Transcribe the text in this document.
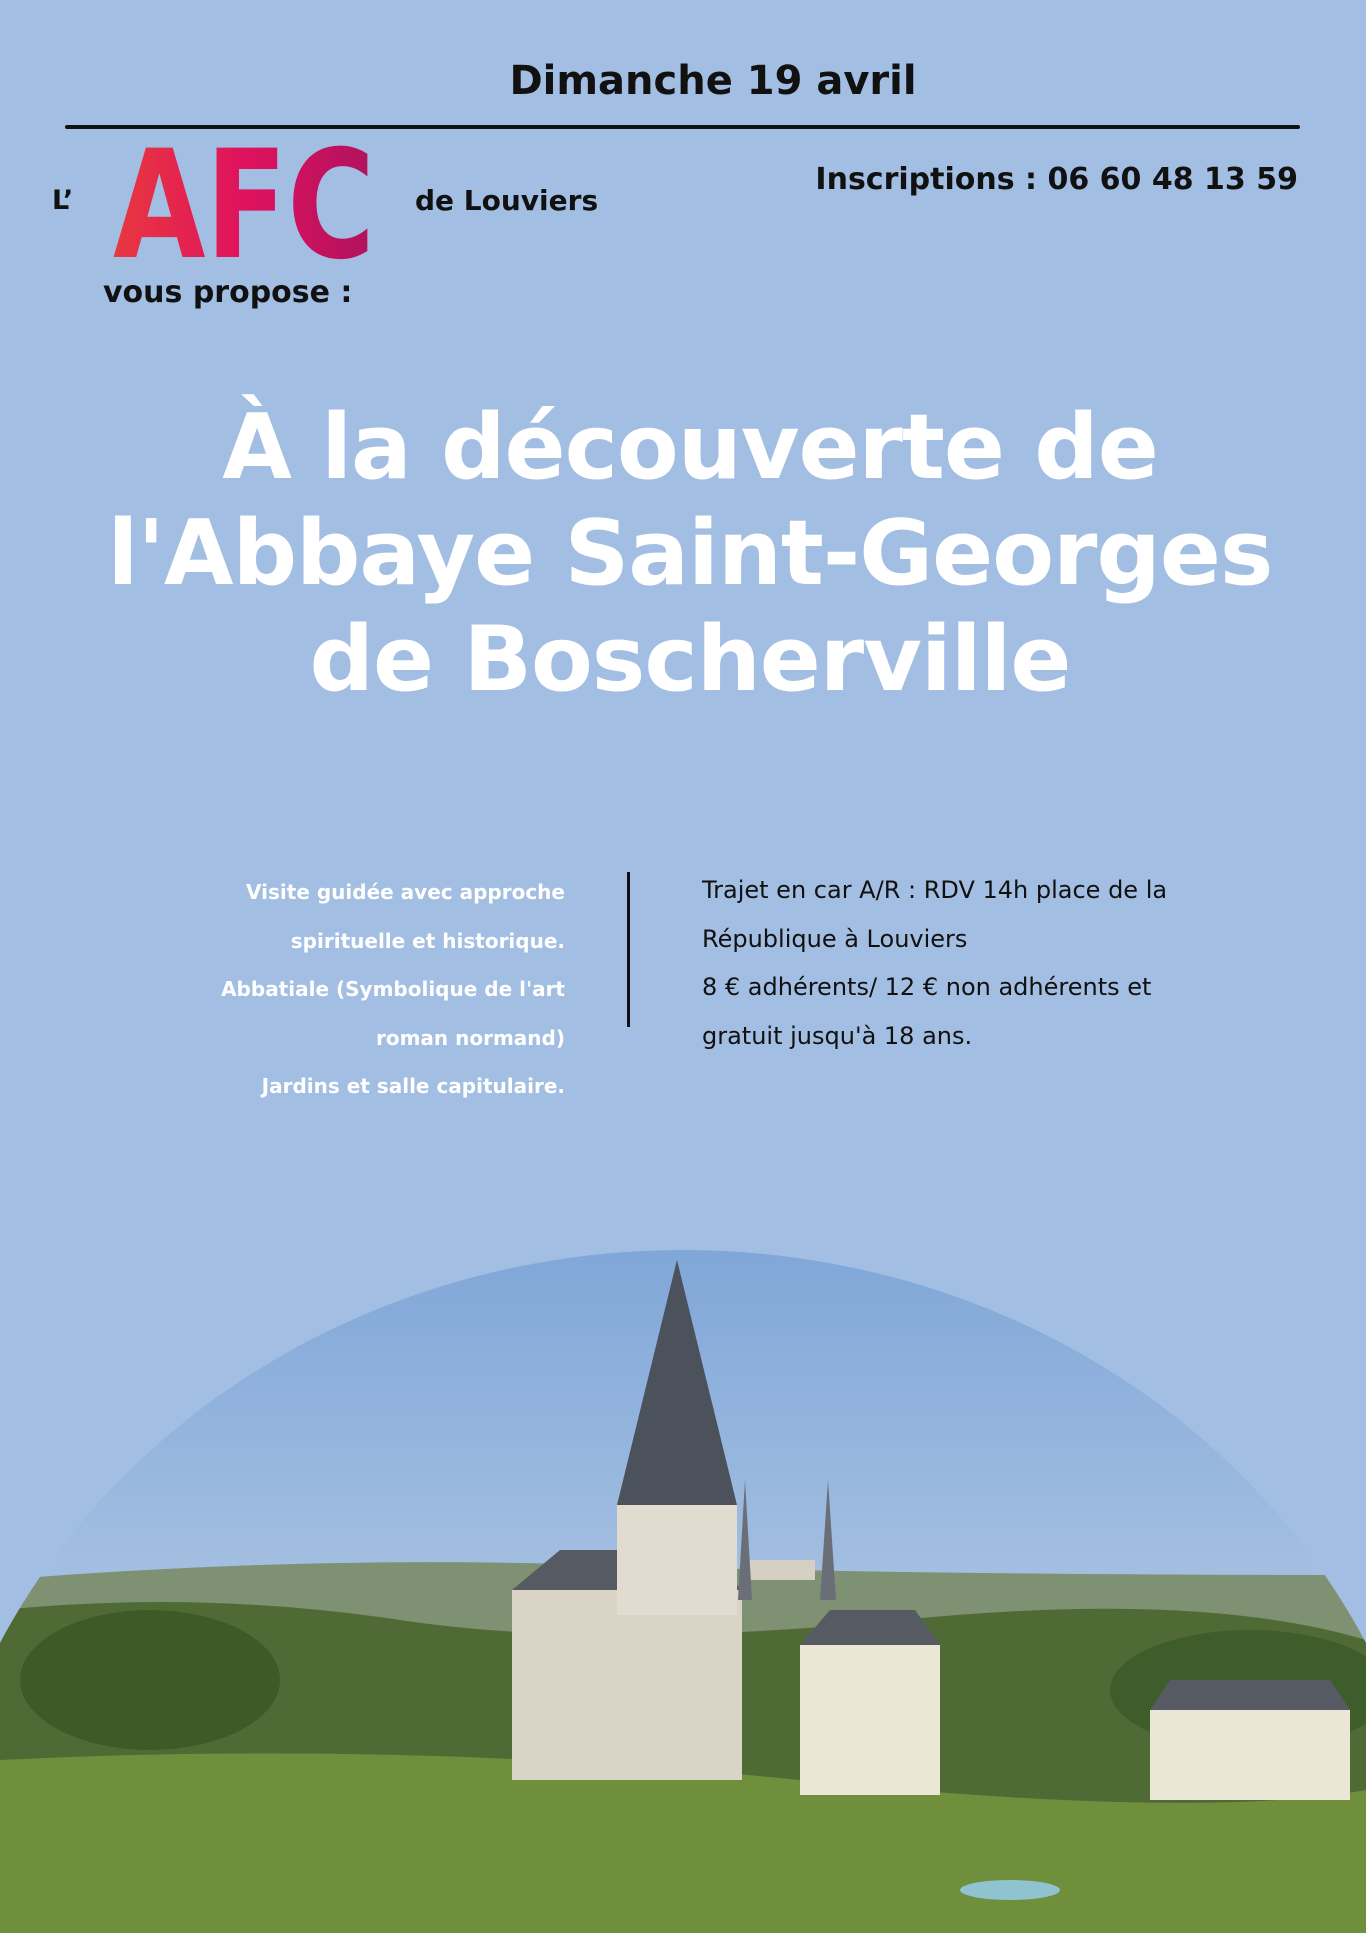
Dimanche 19 avril
L’ AFC de Louviers
Inscriptions : 06 60 48 13 59
vous propose :
À la découverte de
l'Abbaye Saint-Georges
de Boscherville
Visite guidée avec approche
spirituelle et historique.
Abbatiale (Symbolique de l'art
roman normand)
Jardins et salle capitulaire.
Trajet en car A/R : RDV 14h place de la
République à Louviers
8 € adhérents/ 12 € non adhérents et
gratuit jusqu'à 18 ans.
